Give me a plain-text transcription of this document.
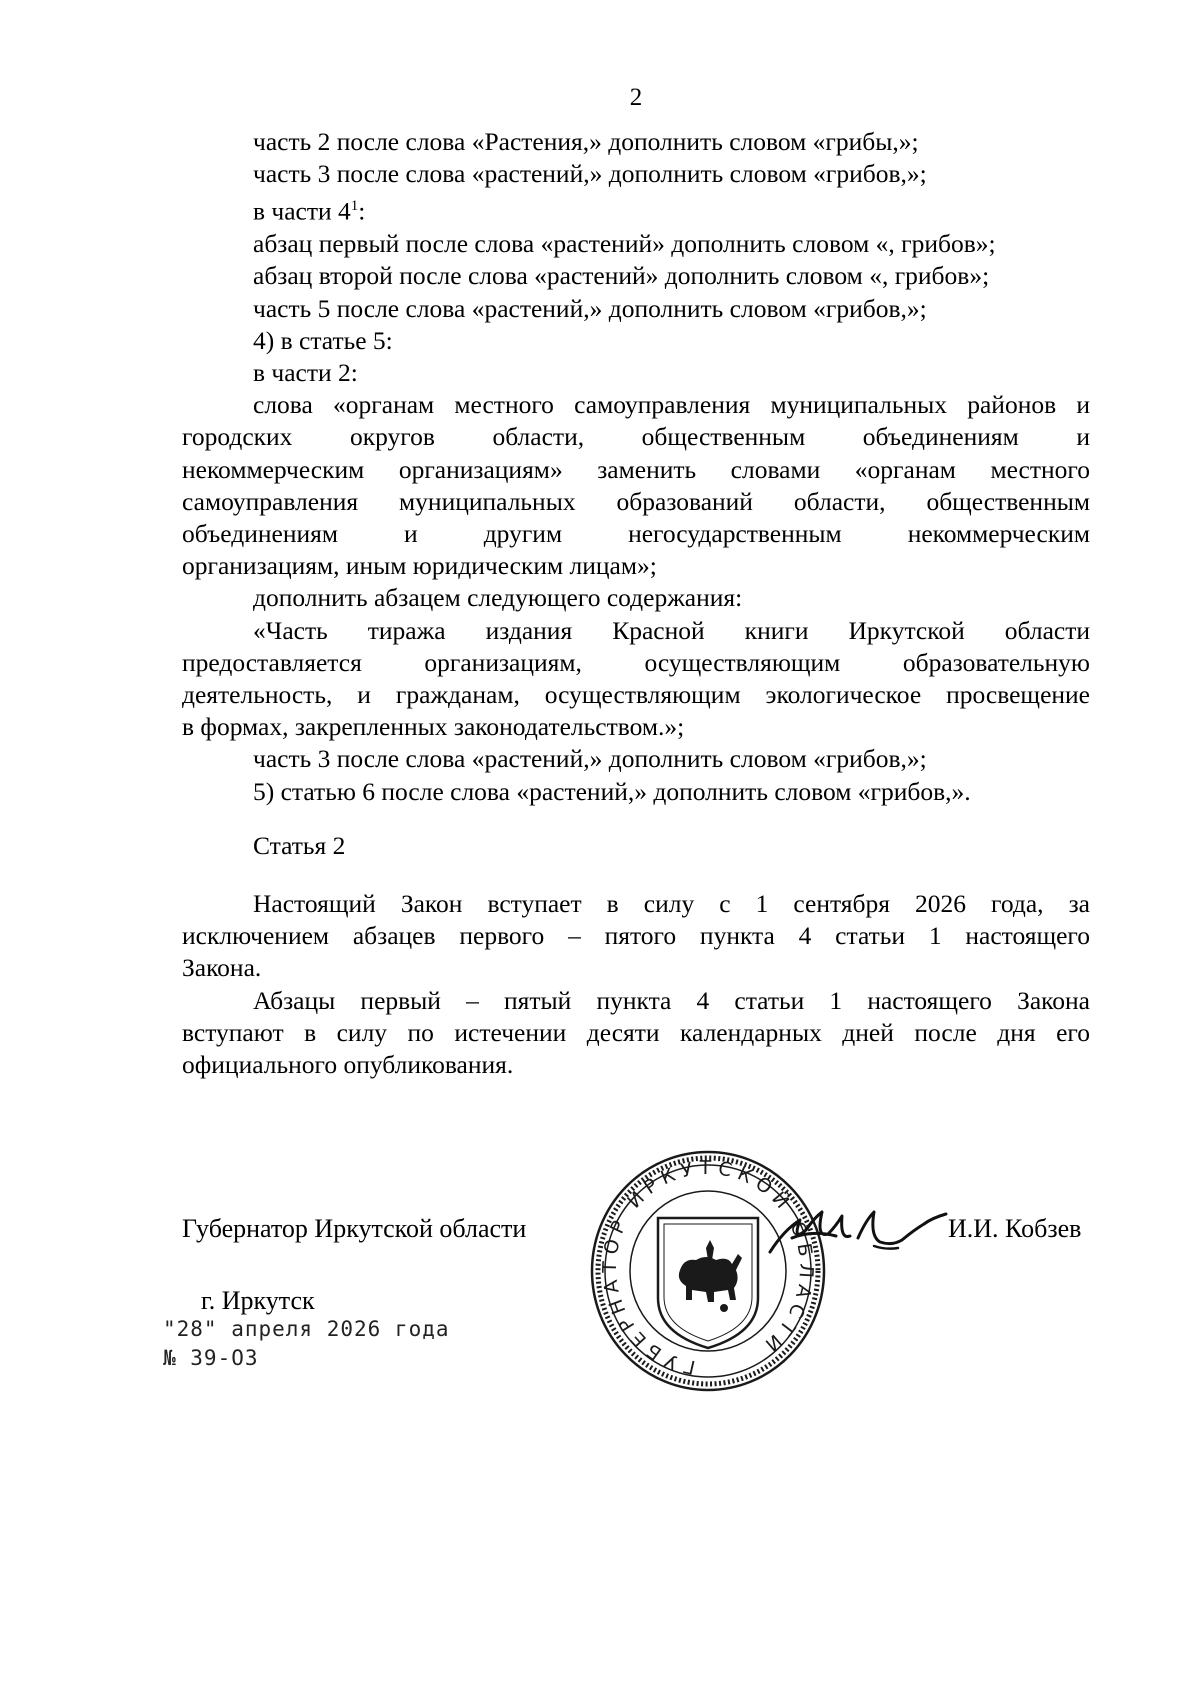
2

часть 2 после слова «Растения,» дополнить словом «грибы,»;

часть 3 после слова «растений,» дополнить словом «грибов,»;

в части $4^1$:

абзац первый после слова «растений» дополнить словом «, грибов»;

абзац второй после слова «растений» дополнить словом «, грибов»;

часть 5 после слова «растений,» дополнить словом «грибов,»;

4) в статье 5:

в части 2:

слова «органам местного самоуправления муниципальных районов и

городских округов области, общественным объединениям и

некоммерческим организациям» заменить словами «органам местного

самоуправления муниципальных образований области, общественным

объединениям и другим негосударственным некоммерческим

организациям, иным юридическим лицам»;

дополнить абзацем следующего содержания:

«Часть тиража издания Красной книги Иркутской области

предоставляется организациям, осуществляющим образовательную

деятельность, и гражданам, осуществляющим экологическое просвещение

в формах, закрепленных законодательством.»;

часть 3 после слова «растений,» дополнить словом «грибов,»;

5) статью 6 после слова «растений,» дополнить словом «грибов,».

Статья 2

Настоящий Закон вступает в силу с 1 сентября 2026 года, за

исключением абзацев первого – пятого пункта 4 статьи 1 настоящего

Закона.

Абзацы первый – пятый пункта 4 статьи 1 настоящего Закона

вступают в силу по истечении десяти календарных дней после дня его

официального опубликования.

ГУБЕРНАТОР ИРКУТСКОЙ ОБЛАСТИ
Губернатор Иркутской области	И.И. Кобзев
г. Иркутск
"28" апреля 2026 года
№ 39-ОЗ
